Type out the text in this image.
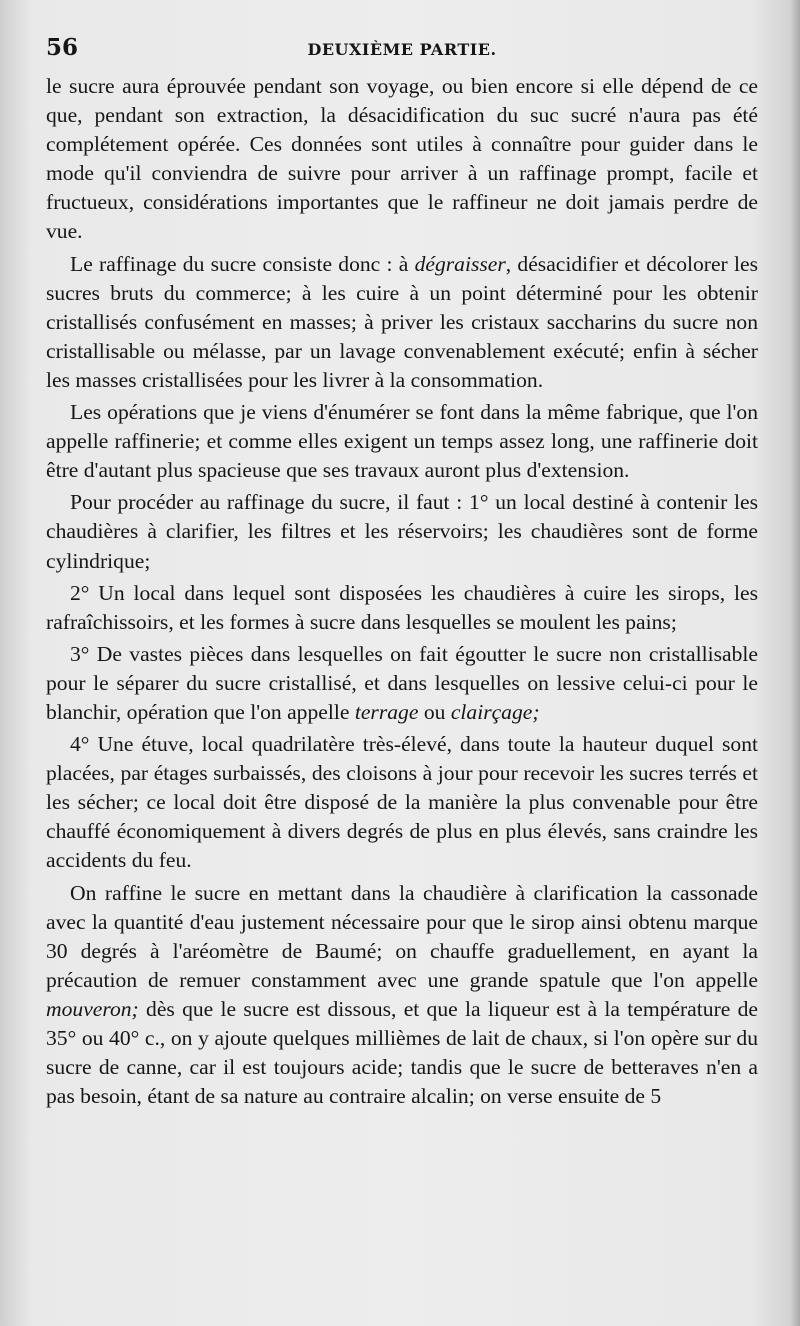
56	DEUXIÈME PARTIE.

le sucre aura éprouvée pendant son voyage, ou bien encore si elle dépend de ce que, pendant son extraction, la désacidification du suc sucré n'aura pas été complétement opérée. Ces données sont utiles à connaître pour guider dans le mode qu'il conviendra de suivre pour arriver à un raffinage prompt, facile et fructueux, considérations importantes que le raffineur ne doit jamais perdre de vue.

Le raffinage du sucre consiste donc : à dégraisser, désacidifier et décolorer les sucres bruts du commerce; à les cuire à un point déterminé pour les obtenir cristallisés confusément en masses; à priver les cristaux saccharins du sucre non cristallisable ou mélasse, par un lavage convenablement exécuté; enfin à sécher les masses cristallisées pour les livrer à la consommation.

Les opérations que je viens d'énumérer se font dans la même fabrique, que l'on appelle raffinerie; et comme elles exigent un temps assez long, une raffinerie doit être d'autant plus spacieuse que ses travaux auront plus d'extension.

Pour procéder au raffinage du sucre, il faut : 1° un local destiné à contenir les chaudières à clarifier, les filtres et les réservoirs; les chaudières sont de forme cylindrique;

2° Un local dans lequel sont disposées les chaudières à cuire les sirops, les rafraîchissoirs, et les formes à sucre dans lesquelles se moulent les pains;

3° De vastes pièces dans lesquelles on fait égoutter le sucre non cristallisable pour le séparer du sucre cristallisé, et dans lesquelles on lessive celui-ci pour le blanchir, opération que l'on appelle terrage ou clairçage;

4° Une étuve, local quadrilatère très-élevé, dans toute la hauteur duquel sont placées, par étages surbaissés, des cloisons à jour pour recevoir les sucres terrés et les sécher; ce local doit être disposé de la manière la plus convenable pour être chauffé économiquement à divers degrés de plus en plus élevés, sans craindre les accidents du feu.

On raffine le sucre en mettant dans la chaudière à clarification la cassonade avec la quantité d'eau justement nécessaire pour que le sirop ainsi obtenu marque 30 degrés à l'aréomètre de Baumé; on chauffe graduellement, en ayant la précaution de remuer constamment avec une grande spatule que l'on appelle mouveron; dès que le sucre est dissous, et que la liqueur est à la température de 35° ou 40° c., on y ajoute quelques millièmes de lait de chaux, si l'on opère sur du sucre de canne, car il est toujours acide; tandis que le sucre de betteraves n'en a pas besoin, étant de sa nature au contraire alcalin; on verse ensuite de 5
